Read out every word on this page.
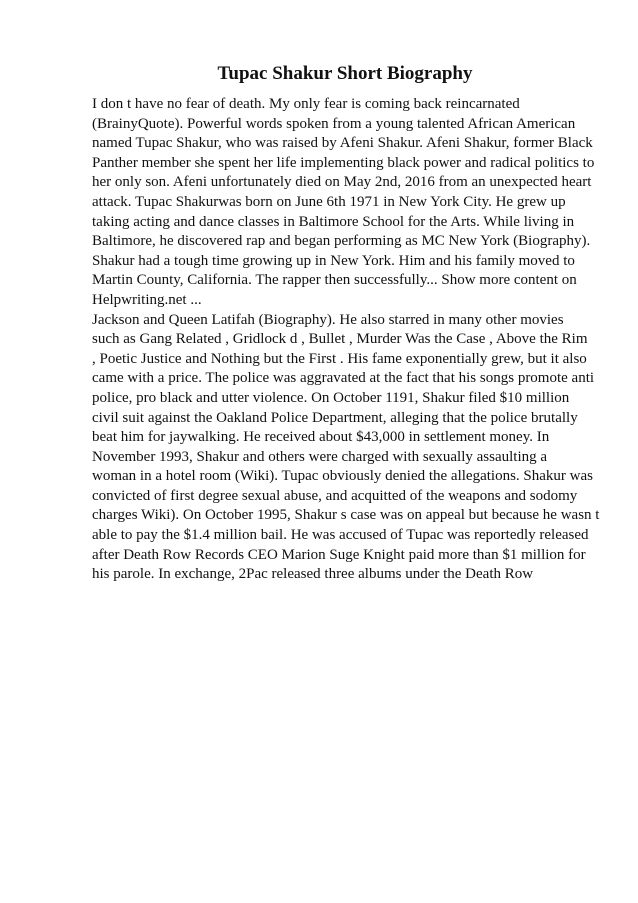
Tupac Shakur Short Biography
I don t have no fear of death. My only fear is coming back reincarnated
(BrainyQuote). Powerful words spoken from a young talented African American
named Tupac Shakur, who was raised by Afeni Shakur. Afeni Shakur, former Black
Panther member she spent her life implementing black power and radical politics to
her only son. Afeni unfortunately died on May 2nd, 2016 from an unexpected heart
attack. Tupac Shakurwas born on June 6th 1971 in New York City. He grew up
taking acting and dance classes in Baltimore School for the Arts. While living in
Baltimore, he discovered rap and began performing as MC New York (Biography).
Shakur had a tough time growing up in New York. Him and his family moved to
Martin County, California. The rapper then successfully... Show more content on
Helpwriting.net ...
Jackson and Queen Latifah (Biography). He also starred in many other movies
such as Gang Related , Gridlock d , Bullet , Murder Was the Case , Above the Rim
, Poetic Justice and Nothing but the First . His fame exponentially grew, but it also
came with a price. The police was aggravated at the fact that his songs promote anti
police, pro black and utter violence. On October 1191, Shakur filed $10 million
civil suit against the Oakland Police Department, alleging that the police brutally
beat him for jaywalking. He received about $43,000 in settlement money. In
November 1993, Shakur and others were charged with sexually assaulting a
woman in a hotel room (Wiki). Tupac obviously denied the allegations. Shakur was
convicted of first degree sexual abuse, and acquitted of the weapons and sodomy
charges Wiki). On October 1995, Shakur s case was on appeal but because he wasn t
able to pay the $1.4 million bail. He was accused of Tupac was reportedly released
after Death Row Records CEO Marion Suge Knight paid more than $1 million for
his parole. In exchange, 2Pac released three albums under the Death Row
